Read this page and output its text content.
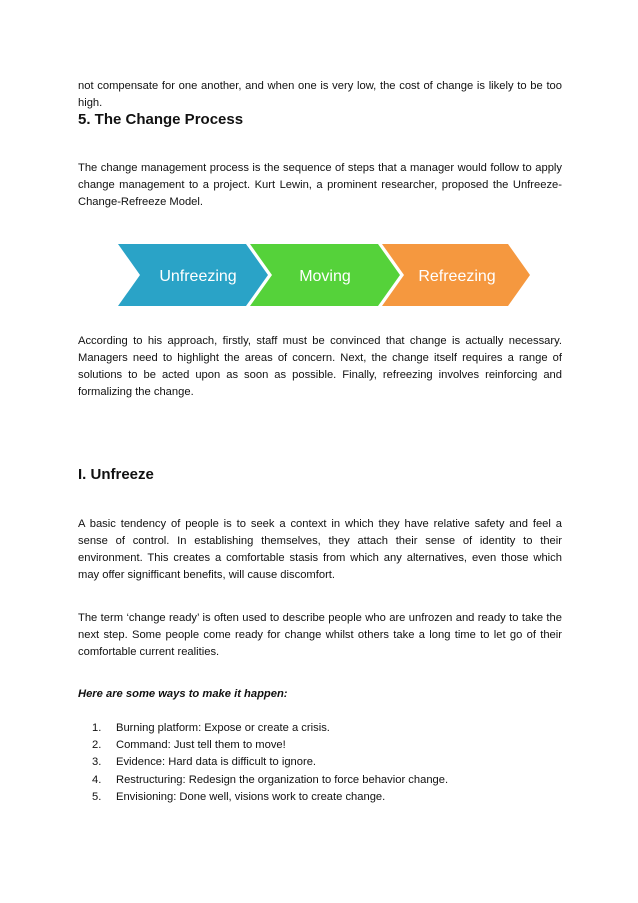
not compensate for one another, and when one is very low, the cost of change is likely to be too high.

5. The Change Process

The change management process is the sequence of steps that a manager would follow to apply change management to a project. Kurt Lewin, a prominent researcher, proposed the Unfreeze-Change-Refreeze Model.

Unfreezing	Moving	Refreezing

According to his approach, firstly, staff must be convinced that change is actually necessary. Managers need to highlight the areas of concern. Next, the change itself requires a range of solutions to be acted upon as soon as possible. Finally, refreezing involves reinforcing and formalizing the change.

I. Unfreeze

A basic tendency of people is to seek a context in which they have relative safety and feel a sense of control. In establishing themselves, they attach their sense of identity to their environment. This creates a comfortable stasis from which any alternatives, even those which may offer signifficant benefits, will cause discomfort.

The term ‘change ready’ is often used to describe people who are unfrozen and ready to take the next step. Some people come ready for change whilst others take a long time to let go of their comfortable current realities.

Here are some ways to make it happen:

1.	Burning platform: Expose or create a crisis.
2.	Command: Just tell them to move!
3.	Evidence: Hard data is difficult to ignore.
4.	Restructuring: Redesign the organization to force behavior change.
5.	Envisioning: Done well, visions work to create change.
